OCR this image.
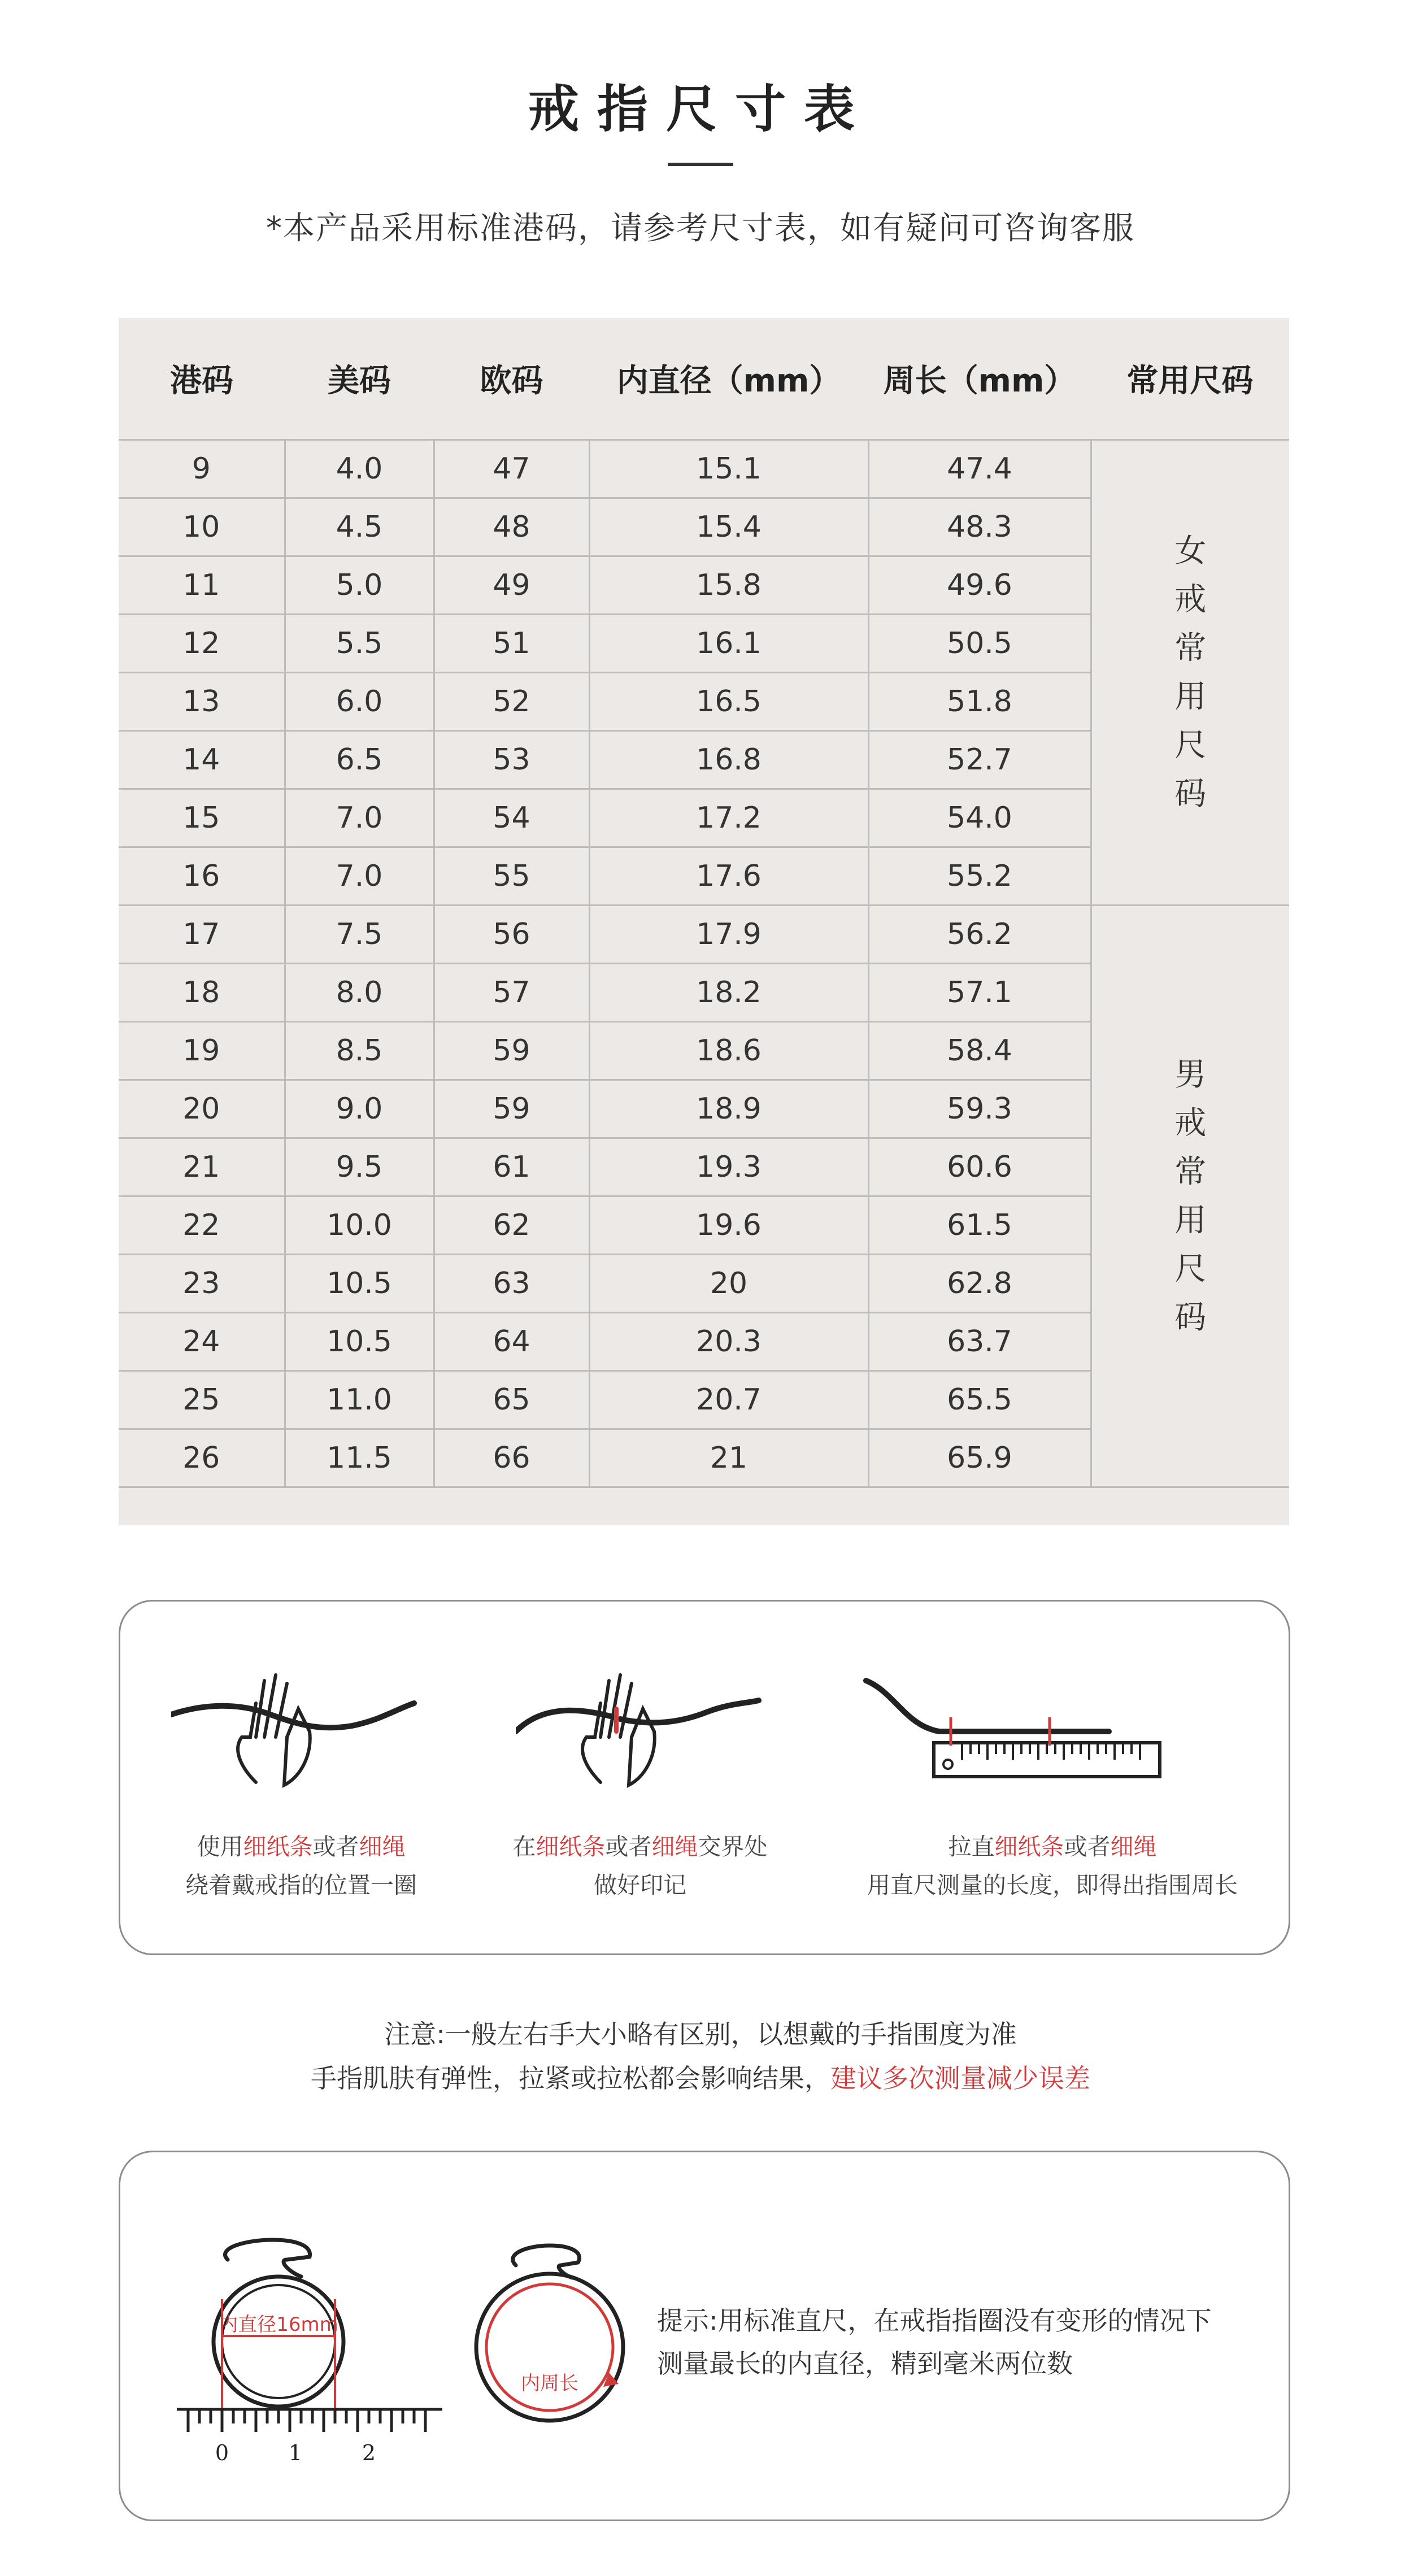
戒指尺寸表
*本产品采用标准港码，请参考尺寸表，如有疑问可咨询客服
港码	美码	欧码	内直径（mm）	周长（mm）	常用尺码
9	4.0	47	15.1	47.4	女戒常用尺码
10	4.5	48	15.4	48.3	
11	5.0	49	15.8	49.6	
12	5.5	51	16.1	50.5	
13	6.0	52	16.5	51.8	
14	6.5	53	16.8	52.7	
15	7.0	54	17.2	54.0	
16	7.0	55	17.6	55.2	
17	7.5	56	17.9	56.2	男戒常用尺码
18	8.0	57	18.2	57.1	
19	8.5	59	18.6	58.4	
20	9.0	59	18.9	59.3	
21	9.5	61	19.3	60.6	
22	10.0	62	19.6	61.5	
23	10.5	63	20	62.8	
24	10.5	64	20.3	63.7	
25	11.0	65	20.7	65.5	
26	11.5	66	21	65.9	
使用细纸条或者细绳
绕着戴戒指的位置一圈
在细纸条或者细绳交界处
做好印记
拉直细纸条或者细绳
用直尺测量的长度，即得出指围周长
注意:一般左右手大小略有区别，以想戴的手指围度为准
手指肌肤有弹性，拉紧或拉松都会影响结果，建议多次测量减少误差
内直径16mm
0	1	2
内周长
提示:用标准直尺，在戒指指圈没有变形的情况下
测量最长的内直径，精到毫米两位数
